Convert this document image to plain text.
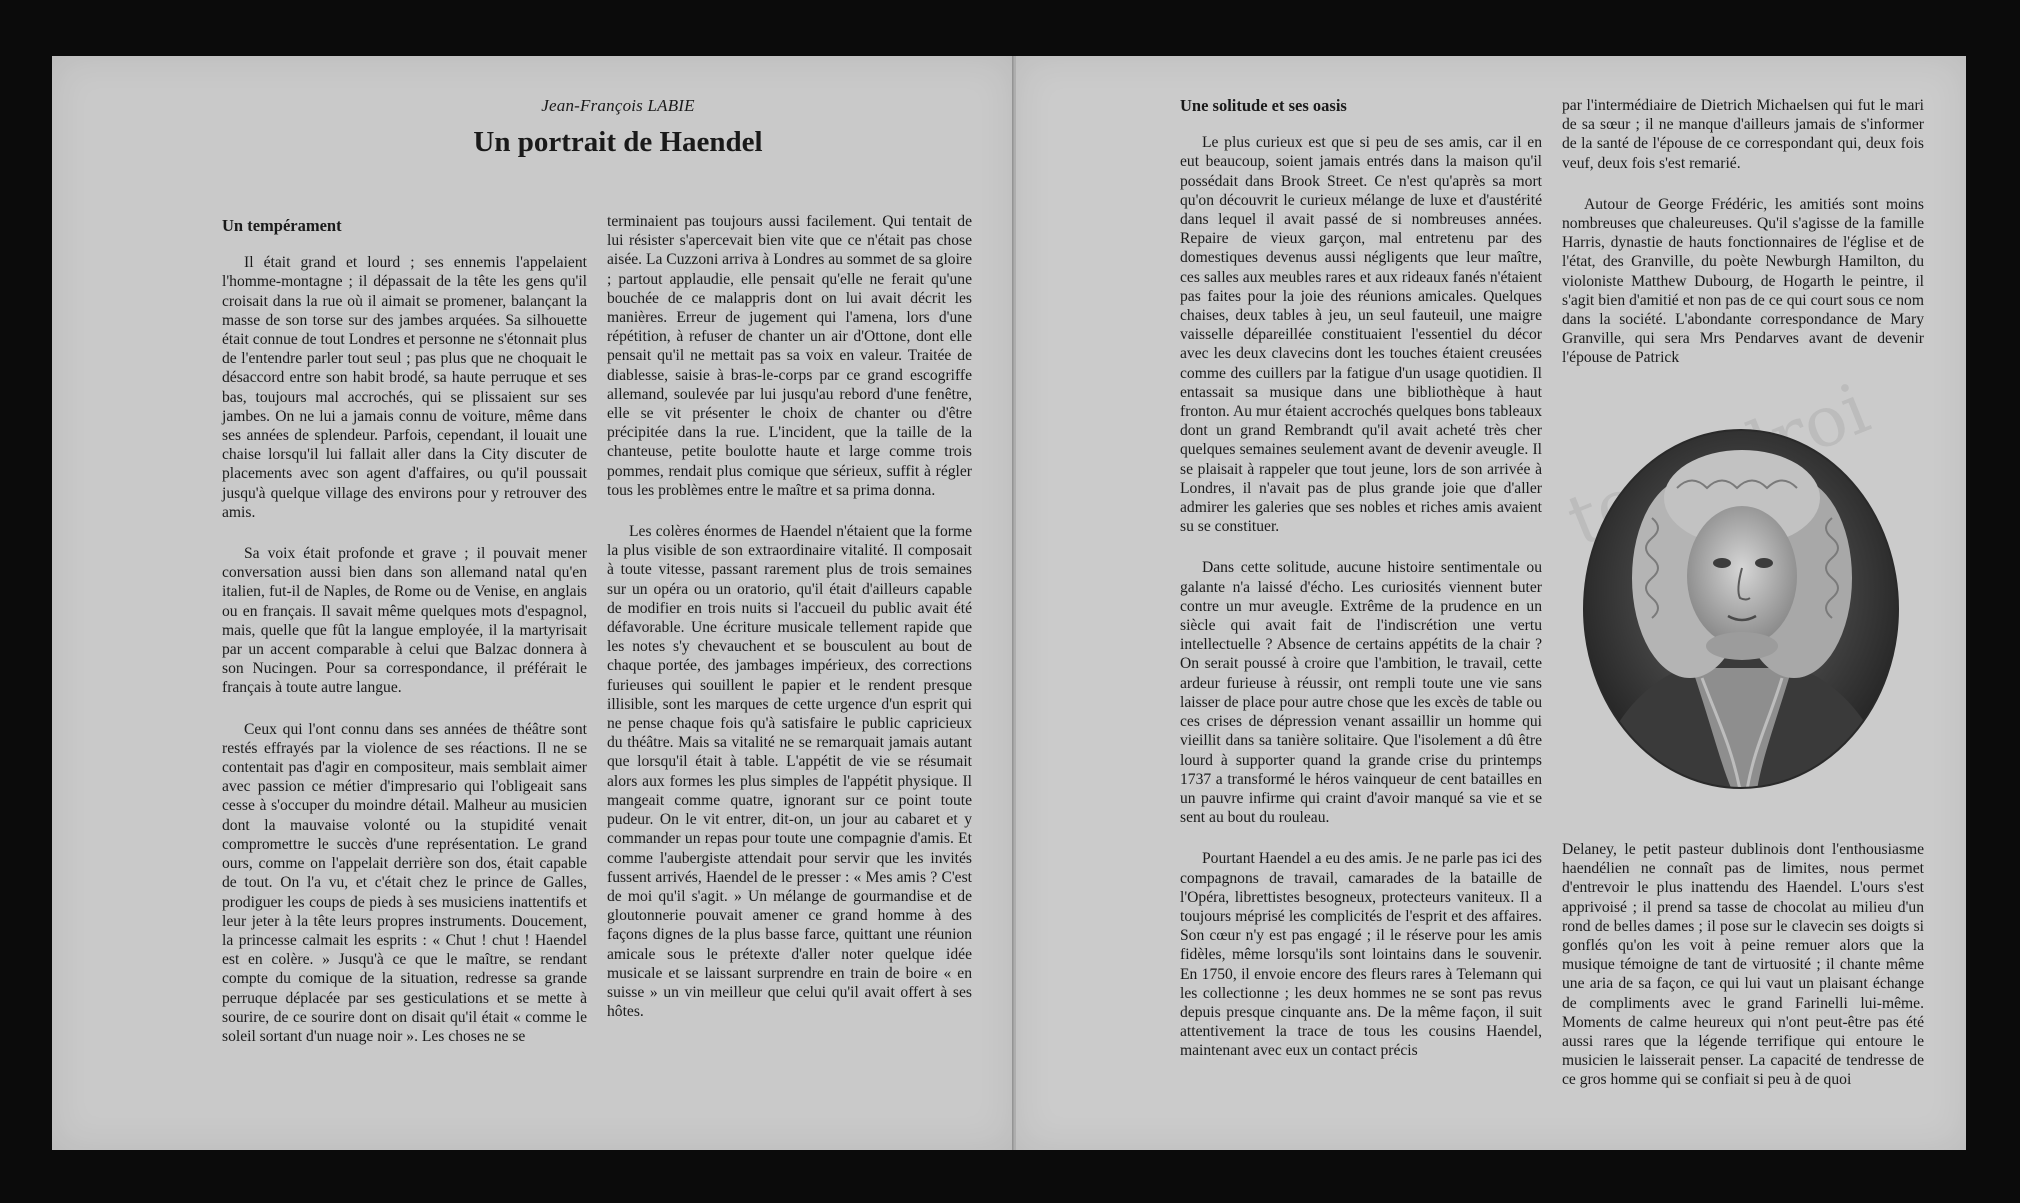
Jean-François LABIE
Un portrait de Haendel
Un tempérament

Il était grand et lourd ; ses ennemis l'appelaient l'homme-montagne ; il dépassait de la tête les gens qu'il croisait dans la rue où il aimait se promener, balançant la masse de son torse sur des jambes arquées. Sa silhouette était connue de tout Londres et personne ne s'étonnait plus de l'entendre parler tout seul ; pas plus que ne choquait le désaccord entre son habit brodé, sa haute perruque et ses bas, toujours mal accrochés, qui se plissaient sur ses jambes. On ne lui a jamais connu de voiture, même dans ses années de splendeur. Parfois, cependant, il louait une chaise lorsqu'il lui fallait aller dans la City discuter de placements avec son agent d'affaires, ou qu'il poussait jusqu'à quelque village des environs pour y retrouver des amis.

Sa voix était profonde et grave ; il pouvait mener conversation aussi bien dans son allemand natal qu'en italien, fut-il de Naples, de Rome ou de Venise, en anglais ou en français. Il savait même quelques mots d'espagnol, mais, quelle que fût la langue employée, il la martyrisait par un accent comparable à celui que Balzac donnera à son Nucingen. Pour sa correspondance, il préférait le français à toute autre langue.

Ceux qui l'ont connu dans ses années de théâtre sont restés effrayés par la violence de ses réactions. Il ne se contentait pas d'agir en compositeur, mais semblait aimer avec passion ce métier d'impresario qui l'obligeait sans cesse à s'occuper du moindre détail. Malheur au musicien dont la mauvaise volonté ou la stupidité venait compromettre le succès d'une représentation. Le grand ours, comme on l'appelait derrière son dos, était capable de tout. On l'a vu, et c'était chez le prince de Galles, prodiguer les coups de pieds à ses musiciens inattentifs et leur jeter à la tête leurs propres instruments. Doucement, la princesse calmait les esprits : « Chut ! chut ! Haendel est en colère. » Jusqu'à ce que le maître, se rendant compte du comique de la situation, redresse sa grande perruque déplacée par ses gesticulations et se mette à sourire, de ce sourire dont on disait qu'il était « comme le soleil sortant d'un nuage noir ». Les choses ne se

terminaient pas toujours aussi facilement. Qui tentait de lui résister s'apercevait bien vite que ce n'était pas chose aisée. La Cuzzoni arriva à Londres au sommet de sa gloire ; partout applaudie, elle pensait qu'elle ne ferait qu'une bouchée de ce malappris dont on lui avait décrit les manières. Erreur de jugement qui l'amena, lors d'une répétition, à refuser de chanter un air d'Ottone, dont elle pensait qu'il ne mettait pas sa voix en valeur. Traitée de diablesse, saisie à bras-le-corps par ce grand escogriffe allemand, soulevée par lui jusqu'au rebord d'une fenêtre, elle se vit présenter le choix de chanter ou d'être précipitée dans la rue. L'incident, que la taille de la chanteuse, petite boulotte haute et large comme trois pommes, rendait plus comique que sérieux, suffit à régler tous les problèmes entre le maître et sa prima donna.

Les colères énormes de Haendel n'étaient que la forme la plus visible de son extraordinaire vitalité. Il composait à toute vitesse, passant rarement plus de trois semaines sur un opéra ou un oratorio, qu'il était d'ailleurs capable de modifier en trois nuits si l'accueil du public avait été défavorable. Une écriture musicale tellement rapide que les notes s'y chevauchent et se bousculent au bout de chaque portée, des jambages impérieux, des corrections furieuses qui souillent le papier et le rendent presque illisible, sont les marques de cette urgence d'un esprit qui ne pense chaque fois qu'à satisfaire le public capricieux du théâtre. Mais sa vitalité ne se remarquait jamais autant que lorsqu'il était à table. L'appétit de vie se résumait alors aux formes les plus simples de l'appétit physique. Il mangeait comme quatre, ignorant sur ce point toute pudeur. On le vit entrer, dit-on, un jour au cabaret et y commander un repas pour toute une compagnie d'amis. Et comme l'aubergiste attendait pour servir que les invités fussent arrivés, Haendel de le presser : « Mes amis ? C'est de moi qu'il s'agit. » Un mélange de gourmandise et de gloutonnerie pouvait amener ce grand homme à des façons dignes de la plus basse farce, quittant une réunion amicale sous le prétexte d'aller noter quelque idée musicale et se laissant surprendre en train de boire « en suisse » un vin meilleur que celui qu'il avait offert à ses hôtes.

droi
Une solitude et ses oasis

Le plus curieux est que si peu de ses amis, car il en eut beaucoup, soient jamais entrés dans la maison qu'il possédait dans Brook Street. Ce n'est qu'après sa mort qu'on découvrit le curieux mélange de luxe et d'austérité dans lequel il avait passé de si nombreuses années. Repaire de vieux garçon, mal entretenu par des domestiques devenus aussi négligents que leur maître, ces salles aux meubles rares et aux rideaux fanés n'étaient pas faites pour la joie des réunions amicales. Quelques chaises, deux tables à jeu, un seul fauteuil, une maigre vaisselle dépareillée constituaient l'essentiel du décor avec les deux clavecins dont les touches étaient creusées comme des cuillers par la fatigue d'un usage quotidien. Il entassait sa musique dans une bibliothèque à haut fronton. Au mur étaient accrochés quelques bons tableaux dont un grand Rembrandt qu'il avait acheté très cher quelques semaines seulement avant de devenir aveugle. Il se plaisait à rappeler que tout jeune, lors de son arrivée à Londres, il n'avait pas de plus grande joie que d'aller admirer les galeries que ses nobles et riches amis avaient su se constituer.

Dans cette solitude, aucune histoire sentimentale ou galante n'a laissé d'écho. Les curiosités viennent buter contre un mur aveugle. Extrême de la prudence en un siècle qui avait fait de l'indiscrétion une vertu intellectuelle ? Absence de certains appétits de la chair ? On serait poussé à croire que l'ambition, le travail, cette ardeur furieuse à réussir, ont rempli toute une vie sans laisser de place pour autre chose que les excès de table ou ces crises de dépression venant assaillir un homme qui vieillit dans sa tanière solitaire. Que l'isolement a dû être lourd à supporter quand la grande crise du printemps 1737 a transformé le héros vainqueur de cent batailles en un pauvre infirme qui craint d'avoir manqué sa vie et se sent au bout du rouleau.

Pourtant Haendel a eu des amis. Je ne parle pas ici des compagnons de travail, camarades de la bataille de l'Opéra, librettistes besogneux, protecteurs vaniteux. Il a toujours méprisé les complicités de l'esprit et des affaires. Son cœur n'y est pas engagé ; il le réserve pour les amis fidèles, même lorsqu'ils sont lointains dans le souvenir. En 1750, il envoie encore des fleurs rares à Telemann qui les collectionne ; les deux hommes ne se sont pas revus depuis presque cinquante ans. De la même façon, il suit attentivement la trace de tous les cousins Haendel, maintenant avec eux un contact précis

par l'intermédiaire de Dietrich Michaelsen qui fut le mari de sa sœur ; il ne manque d'ailleurs jamais de s'informer de la santé de l'épouse de ce correspondant qui, deux fois veuf, deux fois s'est remarié.

Autour de George Frédéric, les amitiés sont moins nombreuses que chaleureuses. Qu'il s'agisse de la famille Harris, dynastie de hauts fonctionnaires de l'église et de l'état, des Granville, du poète Newburgh Hamilton, du violoniste Matthew Dubourg, de Hogarth le peintre, il s'agit bien d'amitié et non pas de ce qui court sous ce nom dans la société. L'abondante correspondance de Mary Granville, qui sera Mrs Pendarves avant de devenir l'épouse de Patrick

Delaney, le petit pasteur dublinois dont l'enthousiasme haendélien ne connaît pas de limites, nous permet d'entrevoir le plus inattendu des Haendel. L'ours s'est apprivoisé ; il prend sa tasse de chocolat au milieu d'un rond de belles dames ; il pose sur le clavecin ses doigts si gonflés qu'on les voit à peine remuer alors que la musique témoigne de tant de virtuosité ; il chante même une aria de sa façon, ce qui lui vaut un plaisant échange de compliments avec le grand Farinelli lui-même. Moments de calme heureux qui n'ont peut-être pas été aussi rares que la légende terrifique qui entoure le musicien le laisserait penser. La capacité de tendresse de ce gros homme qui se confiait si peu à de quoi
